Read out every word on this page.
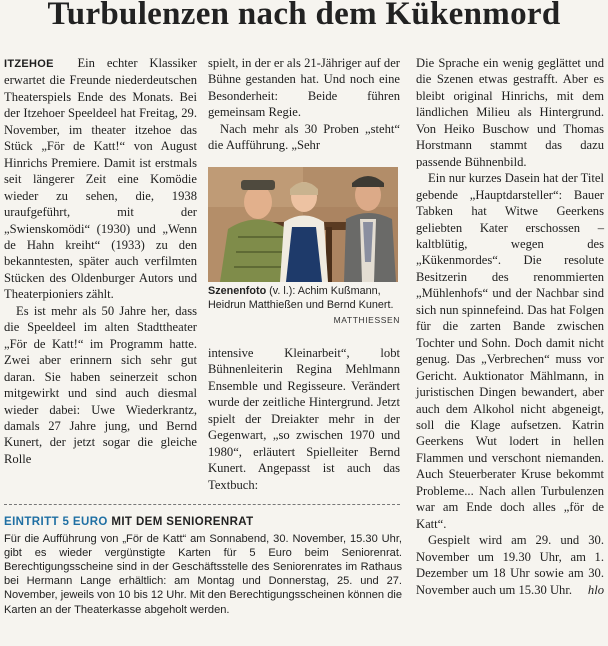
Turbulenzen nach dem Kükenmord

ITZEHOE Ein echter Klassiker erwartet die Freunde niederdeutschen Theaterspiels Ende des Monats. Bei der Itzehoer Speeldeel hat Freitag, 29. November, im theater itzehoe das Stück „För de Katt!“ von August Hinrichs Premiere. Damit ist erstmals seit längerer Zeit eine Komödie wieder zu sehen, die, 1938 uraufgeführt, mit der „Swienskomödi“ (1930) und „Wenn de Hahn kreiht“ (1933) zu den bekanntesten, später auch verfilmten Stücken des Oldenburger Autors und Theaterpioniers zählt.

Es ist mehr als 50 Jahre her, dass die Speeldeel im alten Stadttheater „För de Katt!“ im Programm hatte. Zwei aber erinnern sich sehr gut daran. Sie haben seinerzeit schon mitgewirkt und sind auch diesmal wieder dabei: Uwe Wiederkrantz, damals 27 Jahre jung, und Bernd Kunert, der jetzt sogar die gleiche Rolle

spielt, in der er als 21-Jähriger auf der Bühne gestanden hat. Und noch eine Besonderheit: Beide führen gemeinsam Regie.

Nach mehr als 30 Proben „steht“ die Aufführung. „Sehr

Szenenfoto (v. l.): Achim Kußmann, Heidrun Matthießen und Bernd Kunert.
MATTHIESSEN

intensive Kleinarbeit“, lobt Bühnenleiterin Regina Mehlmann Ensemble und Regisseure. Verändert wurde der zeitliche Hintergrund. Jetzt spielt der Dreiakter mehr in der Gegenwart, „so zwischen 1970 und 1980“, erläutert Spielleiter Bernd Kunert. Angepasst ist auch das Textbuch:

Die Sprache ein wenig geglättet und die Szenen etwas gestrafft. Aber es bleibt original Hinrichs, mit dem ländlichen Milieu als Hintergrund. Von Heiko Buschow und Thomas Horstmann stammt das dazu passende Bühnenbild.

Ein nur kurzes Dasein hat der Titel gebende „Hauptdarsteller“: Bauer Tabken hat Witwe Geerkens geliebten Kater erschossen – kaltblütig, wegen des „Kükenmordes“. Die resolute Besitzerin des renommierten „Mühlenhofs“ und der Nachbar sind sich nun spinnefeind. Das hat Folgen für die zarten Bande zwischen Tochter und Sohn. Doch damit nicht genug. Das „Verbrechen“ muss vor Gericht. Auktionator Mählmann, in juristischen Dingen bewandert, aber auch dem Alkohol nicht abgeneigt, soll die Klage aufsetzen. Katrin Geerkens Wut lodert in hellen Flammen und verschont niemanden. Auch Steuerberater Kruse bekommt Probleme... Nach allen Turbulenzen war am Ende doch alles „för de Katt“.

Gespielt wird am 29. und 30. November um 19.30 Uhr, am 1. Dezember um 18 Uhr sowie am 30. November auch um 15.30 Uhr.	hlo

EINTRITT 5 EURO MIT DEM SENIORENRAT
Für die Aufführung von „För de Katt“ am Sonnabend, 30. November, 15.30 Uhr, gibt es wieder vergünstigte Karten für 5 Euro beim Seniorenrat. Berechtigungsscheine sind in der Geschäftsstelle des Seniorenrates im Rathaus bei Hermann Lange erhältlich: am Montag und Donnerstag, 25. und 27. November, jeweils von 10 bis 12 Uhr. Mit den Berechtigungsscheinen können die Karten an der Theaterkasse abgeholt werden.
